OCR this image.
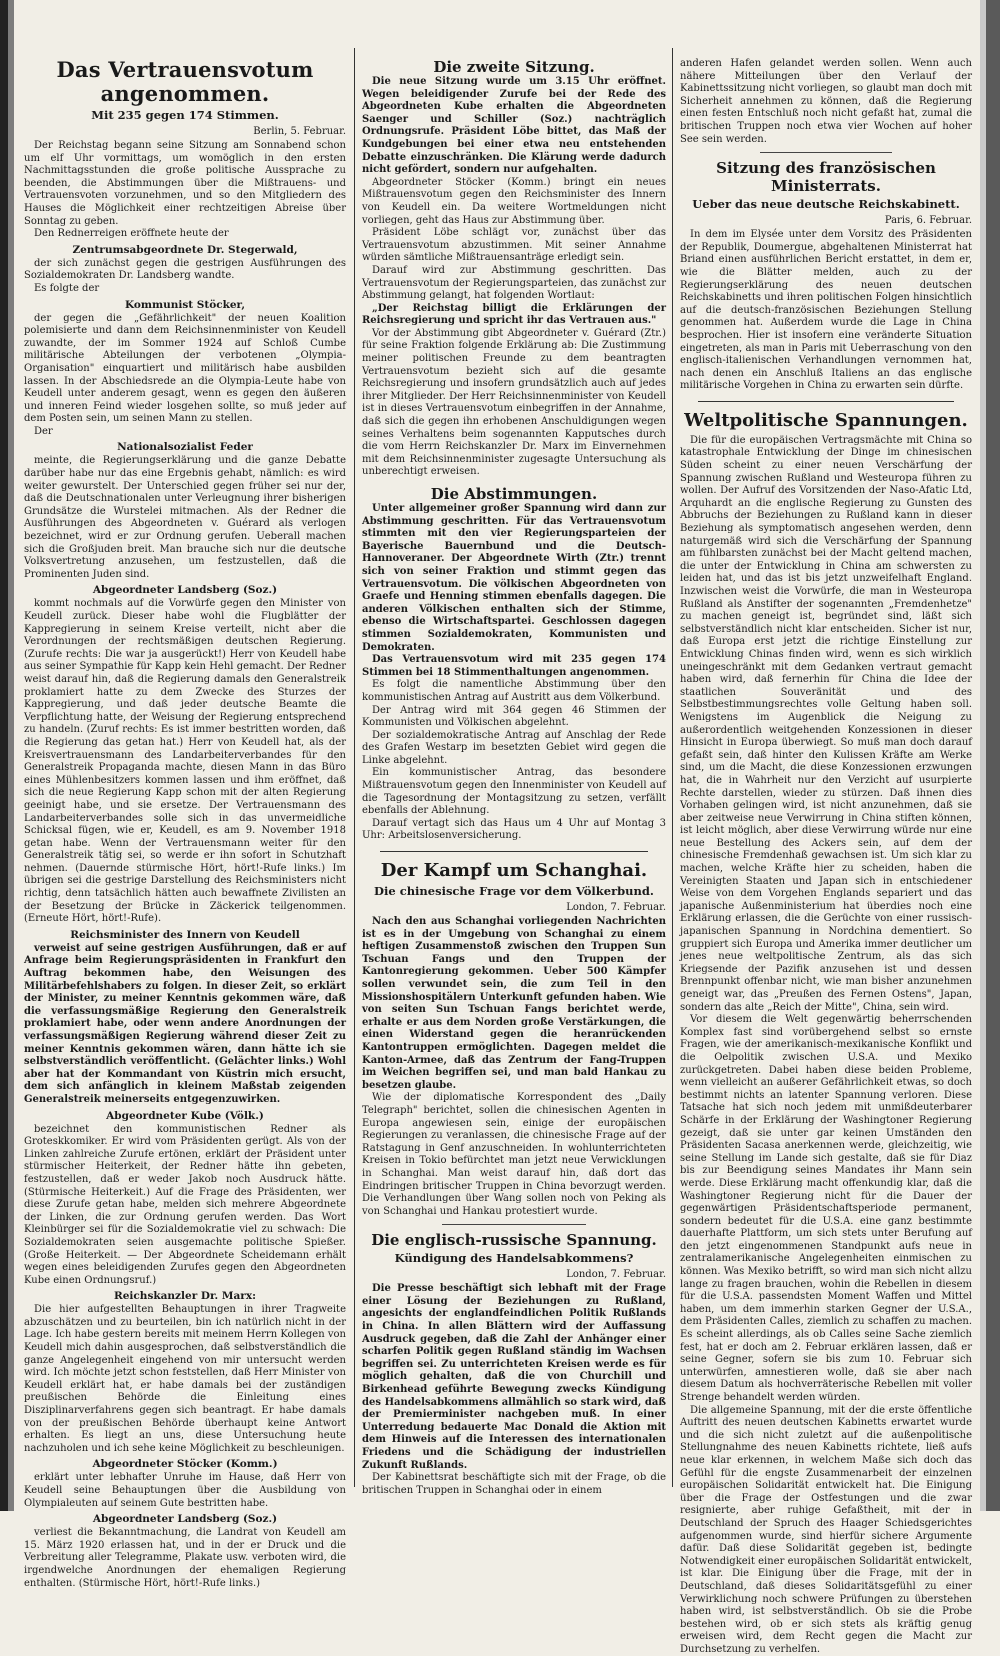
Das Vertrauensvotum angenommen.
Mit 235 gegen 174 Stimmen.
Berlin, 5. Februar.

Der Reichstag begann seine Sitzung am Sonnabend schon um elf Uhr vormittags, um womöglich in den ersten Nachmittagsstunden die große politische Aussprache zu beenden, die Abstimmungen über die Mißtrauens- und Vertrauensvoten vorzunehmen, und so den Mitgliedern des Hauses die Möglichkeit einer rechtzeitigen Abreise über Sonntag zu geben.

Den Rednerreigen eröffnete heute der

Zentrumsabgeordnete Dr. Stegerwald,

der sich zunächst gegen die gestrigen Ausführungen des Sozialdemokraten Dr. Landsberg wandte.

Es folgte der

Kommunist Stöcker,

der gegen die „Gefährlichkeit" der neuen Koalition polemisierte und dann dem Reichsinnenminister von Keudell zuwandte, der im Sommer 1924 auf Schloß Cumbe militärische Abteilungen der verbotenen „Olympia-Organisation" einquartiert und militärisch habe ausbilden lassen. In der Abschiedsrede an die Olympia-Leute habe von Keudell unter anderem gesagt, wenn es gegen den äußeren und inneren Feind wieder losgehen sollte, so muß jeder auf dem Posten sein, um seinen Mann zu stellen.

Der

Nationalsozialist Feder

meinte, die Regierungserklärung und die ganze Debatte darüber habe nur das eine Ergebnis gehabt, nämlich: es wird weiter gewurstelt. Der Unterschied gegen früher sei nur der, daß die Deutschnationalen unter Verleugnung ihrer bisherigen Grundsätze die Wurstelei mitmachen. Als der Redner die Ausführungen des Abgeordneten v. Guérard als verlogen bezeichnet, wird er zur Ordnung gerufen. Ueberall machen sich die Großjuden breit. Man brauche sich nur die deutsche Volksvertretung anzusehen, um festzustellen, daß die Prominenten Juden sind.

Abgeordneter Landsberg (Soz.)

kommt nochmals auf die Vorwürfe gegen den Minister von Keudell zurück. Dieser habe wohl die Flugblätter der Kappregierung in seinem Kreise verteilt, nicht aber die Verordnungen der rechtsmäßigen deutschen Regierung. (Zurufe rechts: Die war ja ausgerückt!) Herr von Keudell habe aus seiner Sympathie für Kapp kein Hehl gemacht. Der Redner weist darauf hin, daß die Regierung damals den Generalstreik proklamiert hatte zu dem Zwecke des Sturzes der Kappregierung, und daß jeder deutsche Beamte die Verpflichtung hatte, der Weisung der Regierung entsprechend zu handeln. (Zuruf rechts: Es ist immer bestritten worden, daß die Regierung das getan hat.) Herr von Keudell hat, als der Kreisvertrauensmann des Landarbeiterverbandes für den Generalstreik Propaganda machte, diesen Mann in das Büro eines Mühlenbesitzers kommen lassen und ihm eröffnet, daß sich die neue Regierung Kapp schon mit der alten Regierung geeinigt habe, und sie ersetze. Der Vertrauensmann des Landarbeiterverbandes solle sich in das unvermeidliche Schicksal fügen, wie er, Keudell, es am 9. November 1918 getan habe. Wenn der Vertrauensmann weiter für den Generalstreik tätig sei, so werde er ihn sofort in Schutzhaft nehmen. (Dauernde stürmische Hört, hört!-Rufe links.) Im übrigen sei die gestrige Darstellung des Reichsministers nicht richtig, denn tatsächlich hätten auch bewaffnete Zivilisten an der Besetzung der Brücke in Zäckerick teilgenommen. (Erneute Hört, hört!-Rufe).

Reichsminister des Innern von Keudell

verweist auf seine gestrigen Ausführungen, daß er auf Anfrage beim Regierungspräsidenten in Frankfurt den Auftrag bekommen habe, den Weisungen des Militärbefehlshabers zu folgen. In dieser Zeit, so erklärt der Minister, zu meiner Kenntnis gekommen wäre, daß die verfassungsmäßige Regierung den Generalstreik proklamiert habe, oder wenn andere Anordnungen der verfassungsmäßigen Regierung während dieser Zeit zu meiner Kenntnis gekommen wären, dann hätte ich sie selbstverständlich veröffentlicht. (Gelächter links.) Wohl aber hat der Kommandant von Küstrin mich ersucht, dem sich anfänglich in kleinem Maßstab zeigenden Generalstreik meinerseits entgegenzuwirken.

Abgeordneter Kube (Völk.)

bezeichnet den kommunistischen Redner als Groteskkomiker. Er wird vom Präsidenten gerügt. Als von der Linken zahlreiche Zurufe ertönen, erklärt der Präsident unter stürmischer Heiterkeit, der Redner hätte ihn gebeten, festzustellen, daß er weder Jakob noch Ausdruck hätte. (Stürmische Heiterkeit.) Auf die Frage des Präsidenten, wer diese Zurufe getan habe, melden sich mehrere Abgeordnete der Linken, die zur Ordnung gerufen werden. Das Wort Kleinbürger sei für die Sozialdemokratie viel zu schwach: Die Sozialdemokraten seien ausgemachte politische Spießer. (Große Heiterkeit. — Der Abgeordnete Scheidemann erhält wegen eines beleidigenden Zurufes gegen den Abgeordneten Kube einen Ordnungsruf.)

Reichskanzler Dr. Marx:

Die hier aufgestellten Behauptungen in ihrer Tragweite abzuschätzen und zu beurteilen, bin ich natürlich nicht in der Lage. Ich habe gestern bereits mit meinem Herrn Kollegen von Keudell mich dahin ausgesprochen, daß selbstverständlich die ganze Angelegenheit eingehend von mir untersucht werden wird. Ich möchte jetzt schon feststellen, daß Herr Minister von Keudell erklärt hat, er habe damals bei der zuständigen preußischen Behörde die Einleitung eines Disziplinarverfahrens gegen sich beantragt. Er habe damals von der preußischen Behörde überhaupt keine Antwort erhalten. Es liegt an uns, diese Untersuchung heute nachzuholen und ich sehe keine Möglichkeit zu beschleunigen.

Abgeordneter Stöcker (Komm.)

erklärt unter lebhafter Unruhe im Hause, daß Herr von Keudell seine Behauptungen über die Ausbildung von Olympialeuten auf seinem Gute bestritten habe.

Abgeordneter Landsberg (Soz.)

verliest die Bekanntmachung, die Landrat von Keudell am 15. März 1920 erlassen hat, und in der er Druck und die Verbreitung aller Telegramme, Plakate usw. verboten wird, die irgendwelche Anordnungen der ehemaligen Regierung enthalten. (Stürmische Hört, hört!-Rufe links.)

Die zweite Sitzung.

Die neue Sitzung wurde um 3.15 Uhr eröffnet. Wegen beleidigender Zurufe bei der Rede des Abgeordneten Kube erhalten die Abgeordneten Saenger und Schiller (Soz.) nachträglich Ordnungsrufe. Präsident Löbe bittet, das Maß der Kundgebungen bei einer etwa neu entstehenden Debatte einzuschränken. Die Klärung werde dadurch nicht gefördert, sondern nur aufgehalten.

Abgeordneter Stöcker (Komm.) bringt ein neues Mißtrauensvotum gegen den Reichsminister des Innern von Keudell ein. Da weitere Wortmeldungen nicht vorliegen, geht das Haus zur Abstimmung über.

Präsident Löbe schlägt vor, zunächst über das Vertrauensvotum abzustimmen. Mit seiner Annahme würden sämtliche Mißtrauensanträge erledigt sein.

Darauf wird zur Abstimmung geschritten. Das Vertrauensvotum der Regierungsparteien, das zunächst zur Abstimmung gelangt, hat folgenden Wortlaut:

„Der Reichstag billigt die Erklärungen der Reichsregierung und spricht ihr das Vertrauen aus."

Vor der Abstimmung gibt Abgeordneter v. Guérard (Ztr.) für seine Fraktion folgende Erklärung ab: Die Zustimmung meiner politischen Freunde zu dem beantragten Vertrauensvotum bezieht sich auf die gesamte Reichsregierung und insofern grundsätzlich auch auf jedes ihrer Mitglieder. Der Herr Reichsinnenminister von Keudell ist in dieses Vertrauensvotum einbegriffen in der Annahme, daß sich die gegen ihn erhobenen Anschuldigungen wegen seines Verhaltens beim sogenannten Kapputsches durch die vom Herrn Reichskanzler Dr. Marx im Einvernehmen mit dem Reichsinnenminister zugesagte Untersuchung als unberechtigt erweisen.

Die Abstimmungen.

Unter allgemeiner großer Spannung wird dann zur Abstimmung geschritten. Für das Vertrauensvotum stimmten mit den vier Regierungsparteien der Bayerische Bauernbund und die Deutsch-Hannoveraner. Der Abgeordnete Wirth (Ztr.) trennt sich von seiner Fraktion und stimmt gegen das Vertrauensvotum. Die völkischen Abgeordneten von Graefe und Henning stimmen ebenfalls dagegen. Die anderen Völkischen enthalten sich der Stimme, ebenso die Wirtschaftspartei. Geschlossen dagegen stimmen Sozialdemokraten, Kommunisten und Demokraten.

Das Vertrauensvotum wird mit 235 gegen 174 Stimmen bei 18 Stimmenthaltungen angenommen.

Es folgt die namentliche Abstimmung über den kommunistischen Antrag auf Austritt aus dem Völkerbund.

Der Antrag wird mit 364 gegen 46 Stimmen der Kommunisten und Völkischen abgelehnt.

Der sozialdemokratische Antrag auf Anschlag der Rede des Grafen Westarp im besetzten Gebiet wird gegen die Linke abgelehnt.

Ein kommunistischer Antrag, das besondere Mißtrauensvotum gegen den Innenminister von Keudell auf die Tagesordnung der Montagsitzung zu setzen, verfällt ebenfalls der Ablehnung.

Darauf vertagt sich das Haus um 4 Uhr auf Montag 3 Uhr: Arbeitslosenversicherung.

Der Kampf um Schanghai.
Die chinesische Frage vor dem Völkerbund.
London, 7. Februar.

Nach den aus Schanghai vorliegenden Nachrichten ist es in der Umgebung von Schanghai zu einem heftigen Zusammenstoß zwischen den Truppen Sun Tschuan Fangs und den Truppen der Kantonregierung gekommen. Ueber 500 Kämpfer sollen verwundet sein, die zum Teil in den Missionshospitälern Unterkunft gefunden haben. Wie von seiten Sun Tschuan Fangs berichtet werde, erhalte er aus dem Norden große Verstärkungen, die einen Widerstand gegen die heranrückenden Kantontruppen ermöglichten. Dagegen meldet die Kanton-Armee, daß das Zentrum der Fang-Truppen im Weichen begriffen sei, und man bald Hankau zu besetzen glaube.

Wie der diplomatische Korrespondent des „Daily Telegraph" berichtet, sollen die chinesischen Agenten in Europa angewiesen sein, einige der europäischen Regierungen zu veranlassen, die chinesische Frage auf der Ratstagung in Genf anzuschneiden. In wohlunterrichteten Kreisen in Tokio befürchtet man jetzt neue Verwicklungen in Schanghai. Man weist darauf hin, daß dort das Eindringen britischer Truppen in China bevorzugt werden. Die Verhandlungen über Wang sollen noch von Peking als von Schanghai und Hankau protestiert wurde.

Die englisch-russische Spannung.
Kündigung des Handelsabkommens?
London, 7. Februar.

Die Presse beschäftigt sich lebhaft mit der Frage einer Lösung der Beziehungen zu Rußland, angesichts der englandfeindlichen Politik Rußlands in China. In allen Blättern wird der Auffassung Ausdruck gegeben, daß die Zahl der Anhänger einer scharfen Politik gegen Rußland ständig im Wachsen begriffen sei. Zu unterrichteten Kreisen werde es für möglich gehalten, daß die von Churchill und Birkenhead geführte Bewegung zwecks Kündigung des Handelsabkommens allmählich so stark wird, daß der Premierminister nachgeben muß. In einer Unterredung bedauerte Mac Donald die Aktion mit dem Hinweis auf die Interessen des internationalen Friedens und die Schädigung der industriellen Zukunft Rußlands.

Der Kabinettsrat beschäftigte sich mit der Frage, ob die britischen Truppen in Schanghai oder in einem

anderen Hafen gelandet werden sollen. Wenn auch nähere Mitteilungen über den Verlauf der Kabinettssitzung nicht vorliegen, so glaubt man doch mit Sicherheit annehmen zu können, daß die Regierung einen festen Entschluß noch nicht gefaßt hat, zumal die britischen Truppen noch etwa vier Wochen auf hoher See sein werden.

Sitzung des französischen Ministerrats.
Ueber das neue deutsche Reichskabinett.
Paris, 6. Februar.

In dem im Elysée unter dem Vorsitz des Präsidenten der Republik, Doumergue, abgehaltenen Ministerrat hat Briand einen ausführlichen Bericht erstattet, in dem er, wie die Blätter melden, auch zu der Regierungserklärung des neuen deutschen Reichskabinetts und ihren politischen Folgen hinsichtlich auf die deutsch-französischen Beziehungen Stellung genommen hat. Außerdem wurde die Lage in China besprochen. Hier ist insofern eine veränderte Situation eingetreten, als man in Paris mit Ueberraschung von den englisch-italienischen Verhandlungen vernommen hat, nach denen ein Anschluß Italiens an das englische militärische Vorgehen in China zu erwarten sein dürfte.

Weltpolitische Spannungen.

Die für die europäischen Vertragsmächte mit China so katastrophale Entwicklung der Dinge im chinesischen Süden scheint zu einer neuen Verschärfung der Spannung zwischen Rußland und Westeuropa führen zu wollen. Der Aufruf des Vorsitzenden der Naso-Afatic Ltd, Arquhardt an die englische Regierung zu Gunsten des Abbruchs der Beziehungen zu Rußland kann in dieser Beziehung als symptomatisch angesehen werden, denn naturgemäß wird sich die Verschärfung der Spannung am fühlbarsten zunächst bei der Macht geltend machen, die unter der Entwicklung in China am schwersten zu leiden hat, und das ist bis jetzt unzweifelhaft England. Inzwischen weist die Vorwürfe, die man in Westeuropa Rußland als Anstifter der sogenannten „Fremdenhetze" zu machen geneigt ist, begründet sind, läßt sich selbstverständlich nicht klar entscheiden. Sicher ist nur, daß Europa erst jetzt die richtige Einstellung zur Entwicklung Chinas finden wird, wenn es sich wirklich uneingeschränkt mit dem Gedanken vertraut gemacht haben wird, daß fernerhin für China die Idee der staatlichen Souveränität und des Selbstbestimmungsrechtes volle Geltung haben soll. Wenigstens im Augenblick die Neigung zu außerordentlich weitgehenden Konzessionen in dieser Hinsicht in Europa überwiegt. So muß man doch darauf gefaßt sein, daß hinter den Kulissen Kräfte am Werke sind, um die Macht, die diese Konzessionen erzwungen hat, die in Wahrheit nur den Verzicht auf usurpierte Rechte darstellen, wieder zu stürzen. Daß ihnen dies Vorhaben gelingen wird, ist nicht anzunehmen, daß sie aber zeitweise neue Verwirrung in China stiften können, ist leicht möglich, aber diese Verwirrung würde nur eine neue Bestellung des Ackers sein, auf dem der chinesische Fremdenhaß gewachsen ist. Um sich klar zu machen, welche Kräfte hier zu scheiden, haben die Vereinigten Staaten und Japan sich in entschiedener Weise von dem Vorgehen Englands separiert und das japanische Außenministerium hat überdies noch eine Erklärung erlassen, die die Gerüchte von einer russisch-japanischen Spannung in Nordchina dementiert. So gruppiert sich Europa und Amerika immer deutlicher um jenes neue weltpolitische Zentrum, als das sich Kriegsende der Pazifik anzusehen ist und dessen Brennpunkt offenbar nicht, wie man bisher anzunehmen geneigt war, das „Preußen des Fernen Ostens", Japan, sondern das alte „Reich der Mitte", China, sein wird.

Vor diesem die Welt gegenwärtig beherrschenden Komplex fast sind vorübergehend selbst so ernste Fragen, wie der amerikanisch-mexikanische Konflikt und die Oelpolitik zwischen U.S.A. und Mexiko zurückgetreten. Dabei haben diese beiden Probleme, wenn vielleicht an außerer Gefährlichkeit etwas, so doch bestimmt nichts an latenter Spannung verloren. Diese Tatsache hat sich noch jedem mit unmißdeuterbarer Schärfe in der Erklärung der Washingtoner Regierung gezeigt, daß sie unter gar keinen Umständen den Präsidenten Sacasa anerkennen werde, gleichzeitig, wie seine Stellung im Lande sich gestalte, daß sie für Diaz bis zur Beendigung seines Mandates ihr Mann sein werde. Diese Erklärung macht offenkundig klar, daß die Washingtoner Regierung nicht für die Dauer der gegenwärtigen Präsidentschaftsperiode permanent, sondern bedeutet für die U.S.A. eine ganz bestimmte dauerhafte Plattform, um sich stets unter Berufung auf den jetzt eingenommenen Standpunkt aufs neue in zentralamerikanische Angelegenheiten einmischen zu können. Was Mexiko betrifft, so wird man sich nicht allzu lange zu fragen brauchen, wohin die Rebellen in diesem für die U.S.A. passendsten Moment Waffen und Mittel haben, um dem immerhin starken Gegner der U.S.A., dem Präsidenten Calles, ziemlich zu schaffen zu machen. Es scheint allerdings, als ob Calles seine Sache ziemlich fest, hat er doch am 2. Februar erklären lassen, daß er seine Gegner, sofern sie bis zum 10. Februar sich unterwürfen, amnestieren wolle, daß sie aber nach diesem Datum als hochverräterische Rebellen mit voller Strenge behandelt werden würden.

Die allgemeine Spannung, mit der die erste öffentliche Auftritt des neuen deutschen Kabinetts erwartet wurde und die sich nicht zuletzt auf die außenpolitische Stellungnahme des neuen Kabinetts richtete, ließ aufs neue klar erkennen, in welchem Maße sich doch das Gefühl für die engste Zusammenarbeit der einzelnen europäischen Solidarität entwickelt hat. Die Einigung über die Frage der Ostfestungen und die zwar resignierte, aber ruhige Gefaßtheit, mit der in Deutschland der Spruch des Haager Schiedsgerichtes aufgenommen wurde, sind hierfür sichere Argumente dafür. Daß diese Solidarität gegeben ist, bedingte Notwendigkeit einer europäischen Solidarität entwickelt, ist klar. Die Einigung über die Frage, mit der in Deutschland, daß dieses Solidaritätsgefühl zu einer Verwirklichung noch schwere Prüfungen zu überstehen haben wird, ist selbstverständlich. Ob sie die Probe bestehen wird, ob er sich stets als kräftig genug erweisen wird, dem Recht gegen die Macht zur Durchsetzung zu verhelfen.
